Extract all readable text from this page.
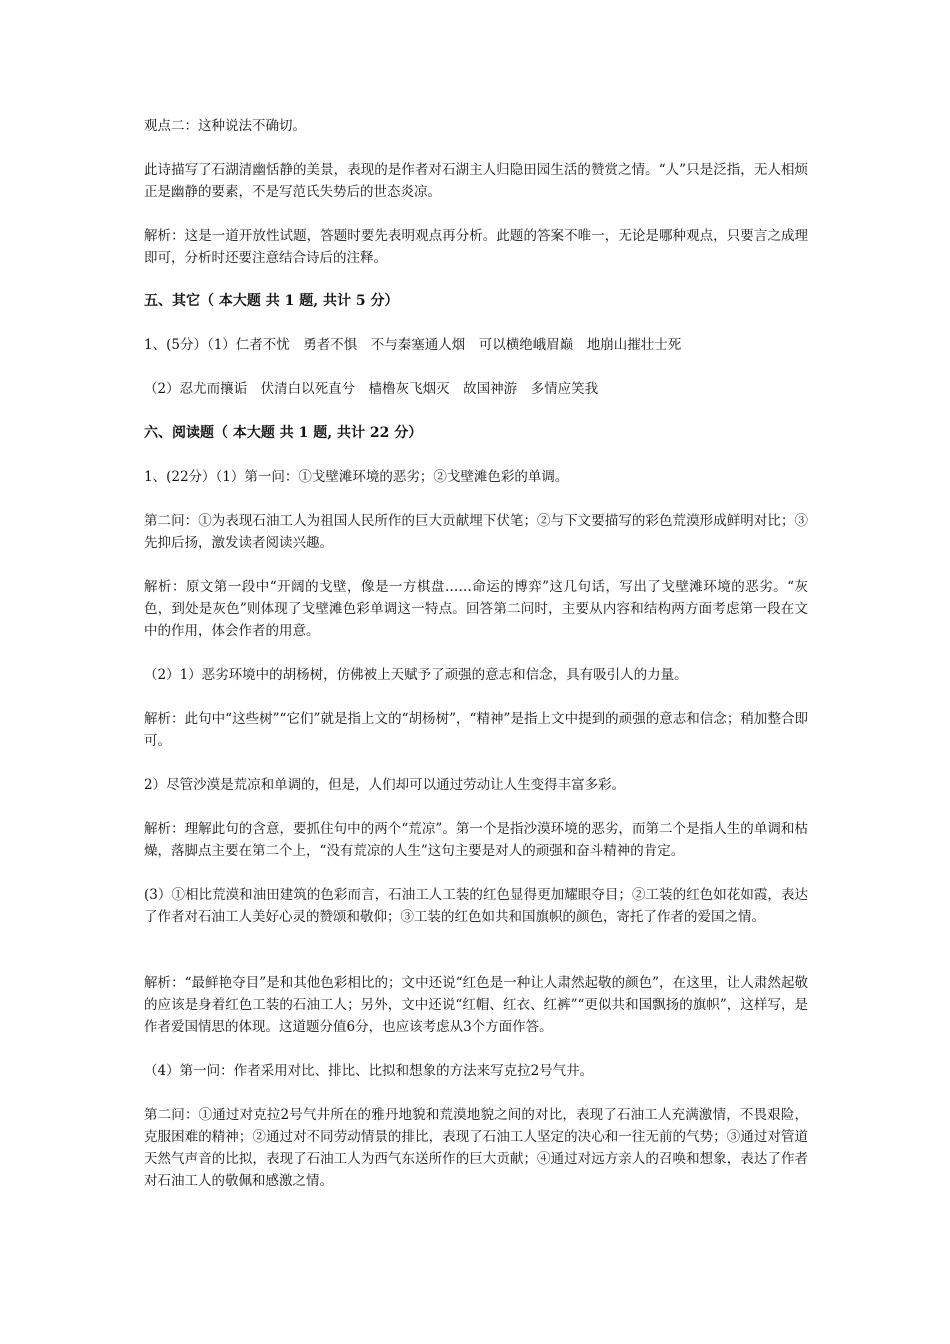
观点二：这种说法不确切。

此诗描写了石湖清幽恬静的美景，表现的是作者对石湖主人归隐田园生活的赞赏之情。“人”只是泛指，无人相烦正是幽静的要素，不是写范氏失势后的世态炎凉。

解析：这是一道开放性试题，答题时要先表明观点再分析。此题的答案不唯一，无论是哪种观点，只要言之成理即可，分析时还要注意结合诗后的注释。

五、其它（ 本大题 共 1 题, 共计 5 分）

1、(5分）（1）仁者不忧　勇者不惧　不与秦塞通人烟　可以横绝峨眉巅　地崩山摧壮士死

（2）忍尤而攘诟　伏清白以死直兮　樯橹灰飞烟灭　故国神游　多情应笑我

六、阅读题（ 本大题 共 1 题, 共计 22 分）

1、(22分）（1）第一问：①戈壁滩环境的恶劣；②戈壁滩色彩的单调。

第二问：①为表现石油工人为祖国人民所作的巨大贡献埋下伏笔；②与下文要描写的彩色荒漠形成鲜明对比；③先抑后扬，激发读者阅读兴趣。

解析：原文第一段中“开阔的戈壁，像是一方棋盘……命运的博弈”这几句话，写出了戈壁滩环境的恶劣。“灰色，到处是灰色”则体现了戈壁滩色彩单调这一特点。回答第二问时，主要从内容和结构两方面考虑第一段在文中的作用，体会作者的用意。

（2）1）恶劣环境中的胡杨树，仿佛被上天赋予了顽强的意志和信念，具有吸引人的力量。

解析：此句中“这些树”“它们”就是指上文的“胡杨树”，“精神”是指上文中提到的顽强的意志和信念；稍加整合即可。

2）尽管沙漠是荒凉和单调的，但是，人们却可以通过劳动让人生变得丰富多彩。

解析：理解此句的含意，要抓住句中的两个“荒凉”。第一个是指沙漠环境的恶劣，而第二个是指人生的单调和枯燥，落脚点主要在第二个上，“没有荒凉的人生”这句主要是对人的顽强和奋斗精神的肯定。

(3）①相比荒漠和油田建筑的色彩而言，石油工人工装的红色显得更加耀眼夺目；②工装的红色如花如霞，表达了作者对石油工人美好心灵的赞颂和敬仰；③工装的红色如共和国旗帜的颜色，寄托了作者的爱国之情。

解析：“最鲜艳夺目”是和其他色彩相比的；文中还说“红色是一种让人肃然起敬的颜色”，在这里，让人肃然起敬的应该是身着红色工装的石油工人；另外，文中还说“红帽、红衣、红裤”“更似共和国飘扬的旗帜”，这样写，是作者爱国情思的体现。这道题分值6分，也应该考虑从3个方面作答。

（4）第一问：作者采用对比、排比、比拟和想象的方法来写克拉2号气井。

第二问：①通过对克拉2号气井所在的雅丹地貌和荒漠地貌之间的对比，表现了石油工人充满激情，不畏艰险，克服困难的精神；②通过对不同劳动情景的排比，表现了石油工人坚定的决心和一往无前的气势；③通过对管道天然气声音的比拟，表现了石油工人为西气东送所作的巨大贡献；④通过对远方亲人的召唤和想象，表达了作者对石油工人的敬佩和感激之情。
